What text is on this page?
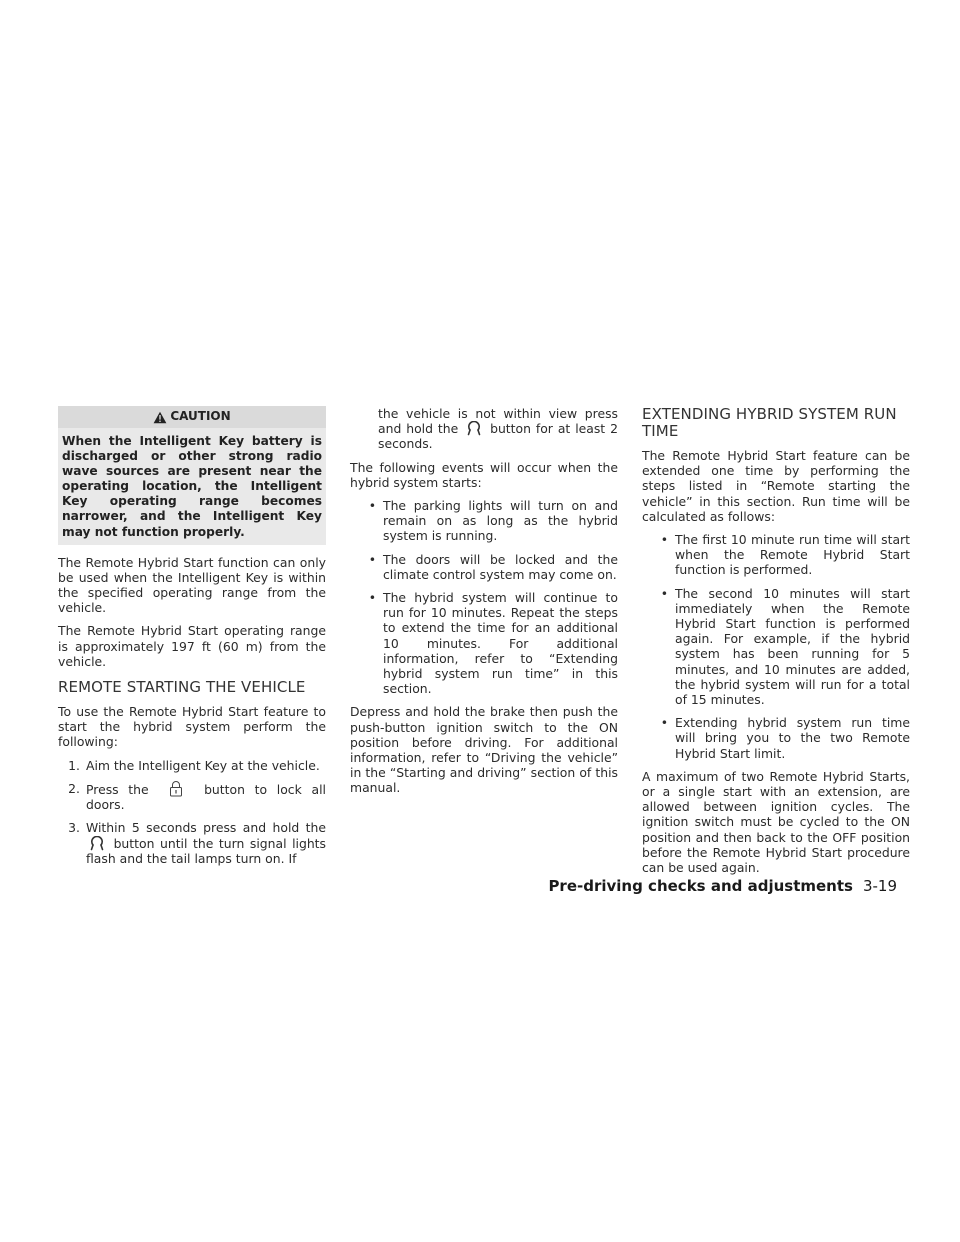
CAUTION
When the Intelligent Key battery is discharged or other strong radio wave sources are present near the operating location, the Intelligent Key operating range becomes narrower, and the Intelligent Key may not function properly.

The Remote Hybrid Start function can only be used when the Intelligent Key is within the specified operating range from the vehicle.

The Remote Hybrid Start operating range is approximately 197 ft (60 m) from the vehicle.

REMOTE STARTING THE VEHICLE

To use the Remote Hybrid Start feature to start the hybrid system perform the following:

1. Aim the Intelligent Key at the vehicle.
2. Press the	button to lock all doors.
3. Within 5 seconds press and hold the  button until the turn signal lights flash and the tail lamps turn on. If

the vehicle is not within view press and hold the	button for at least 2 seconds.

The following events will occur when the hybrid system starts:

• The parking lights will turn on and remain on as long as the hybrid system is running.
• The doors will be locked and the climate control system may come on.
• The hybrid system will continue to run for 10 minutes. Repeat the steps to extend the time for an additional 10 minutes. For additional information, refer to “Extending hybrid system run time” in this section.

Depress and hold the brake then push the push-button ignition switch to the ON position before driving. For additional information, refer to “Driving the vehicle” in the “Starting and driving” section of this manual.

EXTENDING HYBRID SYSTEM RUN TIME

The Remote Hybrid Start feature can be extended one time by performing the steps listed in “Remote starting the vehicle” in this section. Run time will be calculated as follows:

• The first 10 minute run time will start when the Remote Hybrid Start function is performed.
• The second 10 minutes will start immediately when the Remote Hybrid Start function is performed again. For example, if the hybrid system has been running for 5 minutes, and 10 minutes are added, the hybrid system will run for a total of 15 minutes.
• Extending hybrid system run time will bring you to the two Remote Hybrid Start limit.

A maximum of two Remote Hybrid Starts, or a single start with an extension, are allowed between ignition cycles. The ignition switch must be cycled to the ON position and then back to the OFF position before the Remote Hybrid Start procedure can be used again.

Pre-driving checks and adjustments 3-19
